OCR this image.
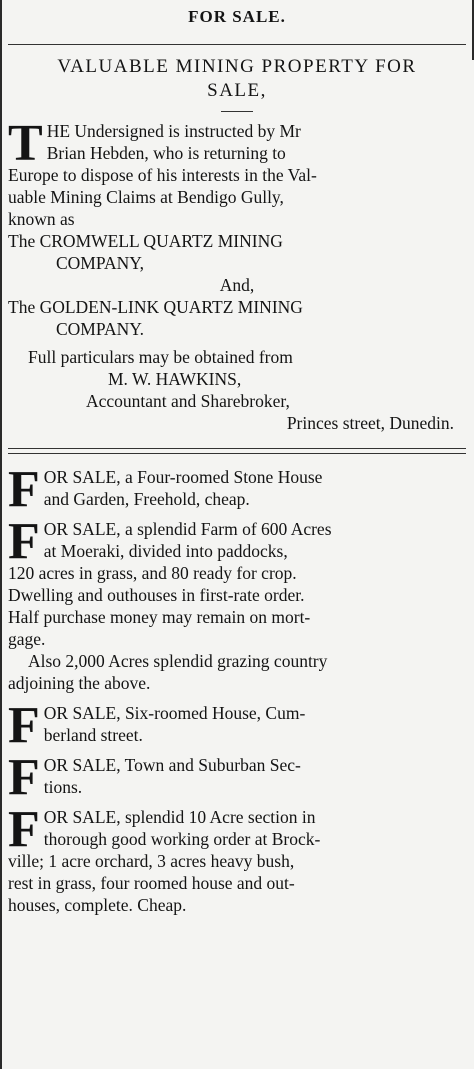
FOR SALE.
VALUABLE MINING PROPERTY FOR
SALE,

T HE Undersigned is instructed by Mr
Brian Hebden, who is returning to
Europe to dispose of his interests in the Val-
uable Mining Claims at Bendigo Gully,
known as

The CROMWELL QUARTZ MINING
COMPANY,

And,

The GOLDEN-LINK QUARTZ MINING
COMPANY.

Full particulars may be obtained from
M. W. HAWKINS,
Accountant and Sharebroker,
Princes street, Dunedin.

F OR SALE, a Four-roomed Stone House
and Garden, Freehold, cheap.

F OR SALE, a splendid Farm of 600 Acres
at Moeraki, divided into paddocks,
120 acres in grass, and 80 ready for crop.
Dwelling and outhouses in first-rate order.
Half purchase money may remain on mort-
gage.
Also 2,000 Acres splendid grazing country
adjoining the above.

F OR SALE, Six-roomed House, Cum-
berland street.

F OR SALE, Town and Suburban Sec-
tions.

F OR SALE, splendid 10 Acre section in
thorough good working order at Brock-
ville; 1 acre orchard, 3 acres heavy bush,
rest in grass, four roomed house and out-
houses, complete. Cheap.
